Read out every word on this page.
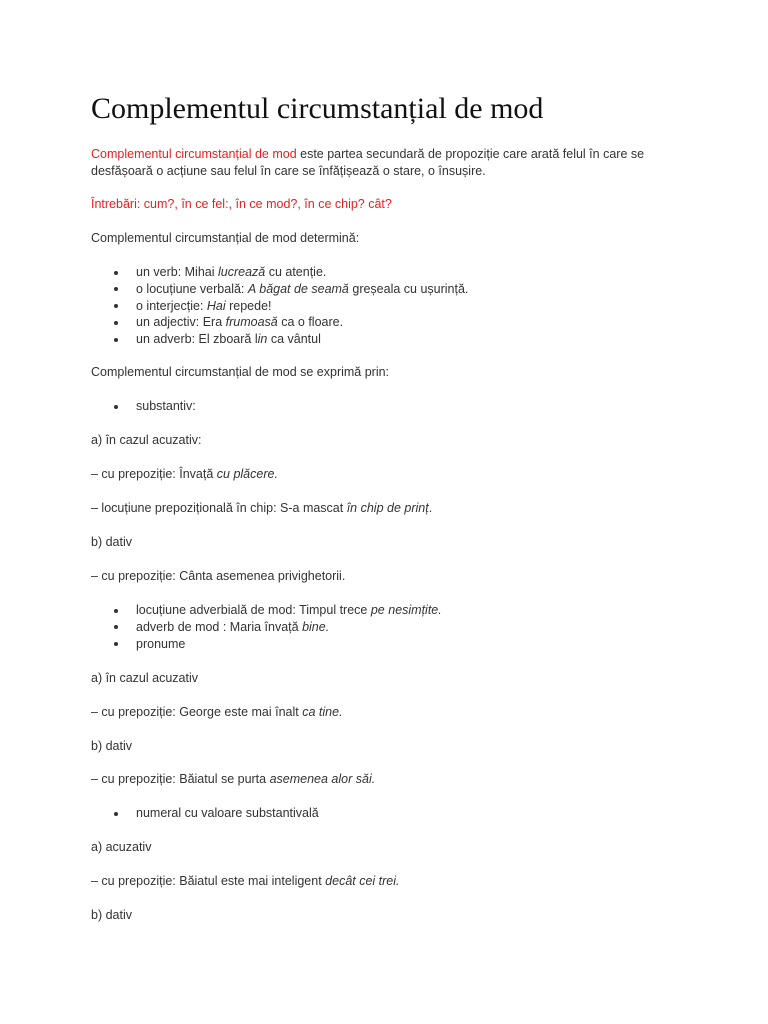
Complementul circumstanțial de mod

Complementul circumstanțial de mod este partea secundară de propoziție care arată felul în care se desfășoară o acțiune sau felul în care se înfățișează o stare, o însușire.

Întrebări: cum?, în ce fel:, în ce mod?, în ce chip? cât?

Complementul circumstanțial de mod determină:

un verb: Mihai lucrează cu atenție.
o locuțiune verbală: A băgat de seamă greșeala cu ușurință.
o interjecție: Hai repede!
un adjectiv: Era frumoasă ca o floare.
un adverb: El zboară lin ca vântul

Complementul circumstanțial de mod se exprimă prin:

substantiv:

a) în cazul acuzativ:

– cu prepoziție: Învață cu plăcere.

– locuțiune prepozițională în chip: S-a mascat în chip de prinț.

b) dativ

– cu prepoziție: Cânta asemenea privighetorii.

locuțiune adverbială de mod: Timpul trece pe nesimțite.
adverb de mod : Maria învață bine.
pronume

a) în cazul acuzativ

– cu prepoziție: George este mai înalt ca tine.

b) dativ

– cu prepoziție: Băiatul se purta asemenea alor săi.

numeral cu valoare substantivală

a) acuzativ

– cu prepoziție: Băiatul este mai inteligent decât cei trei.

b) dativ
